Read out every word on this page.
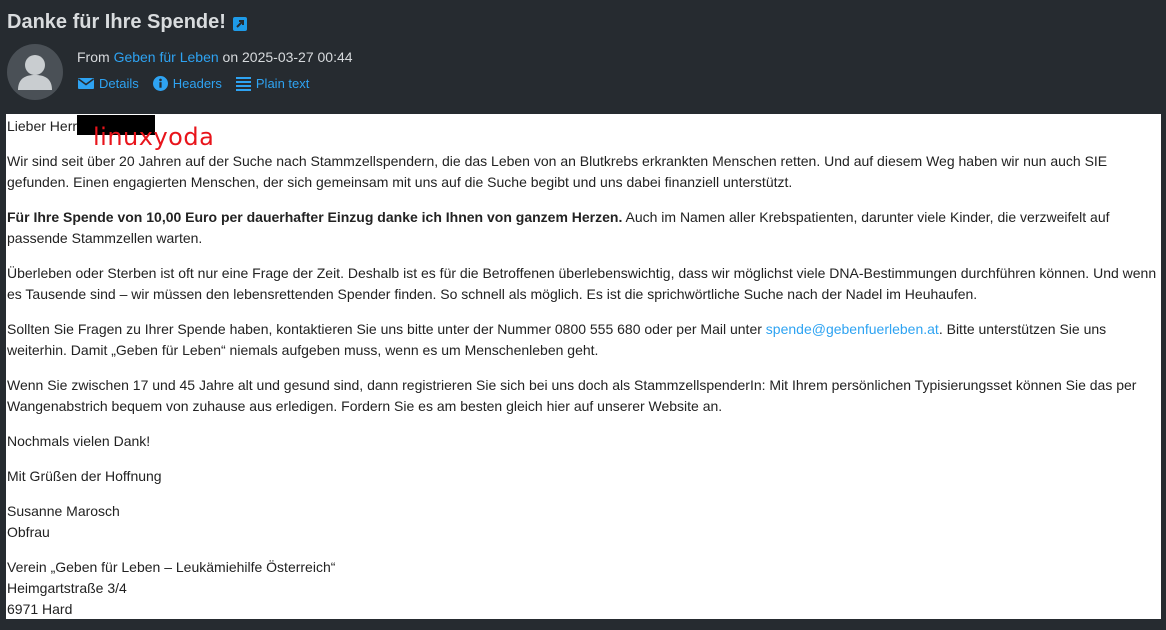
Danke für Ihre Spende!
From Geben für Leben on 2025-03-27 00:44
Details	Headers	Plain text

Lieber Herr

Wir sind seit über 20 Jahren auf der Suche nach Stammzellspendern, die das Leben von an Blutkrebs erkrankten Menschen retten. Und auf diesem Weg haben wir nun auch SIE gefunden. Einen engagierten Menschen, der sich gemeinsam mit uns auf die Suche begibt und uns dabei finanziell unterstützt.

Für Ihre Spende von 10,00 Euro per dauerhafter Einzug danke ich Ihnen von ganzem Herzen. Auch im Namen aller Krebspatienten, darunter viele Kinder, die verzweifelt auf passende Stammzellen warten.

Überleben oder Sterben ist oft nur eine Frage der Zeit. Deshalb ist es für die Betroffenen überlebenswichtig, dass wir möglichst viele DNA-Bestimmungen durchführen können. Und wenn es Tausende sind – wir müssen den lebensrettenden Spender finden. So schnell als möglich. Es ist die sprichwörtliche Suche nach der Nadel im Heuhaufen.

Sollten Sie Fragen zu Ihrer Spende haben, kontaktieren Sie uns bitte unter der Nummer 0800 555 680 oder per Mail unter spende@gebenfuerleben.at. Bitte unterstützen Sie uns weiterhin. Damit „Geben für Leben“ niemals aufgeben muss, wenn es um Menschenleben geht.

Wenn Sie zwischen 17 und 45 Jahre alt und gesund sind, dann registrieren Sie sich bei uns doch als StammzellspenderIn: Mit Ihrem persönlichen Typisierungsset können Sie das per Wangenabstrich bequem von zuhause aus erledigen. Fordern Sie es am besten gleich hier auf unserer Website an.

Nochmals vielen Dank!

Mit Grüßen der Hoffnung

Susanne Marosch
Obfrau

Verein „Geben für Leben – Leukämiehilfe Österreich“
Heimgartstraße 3/4
6971 Hard

linuxyoda
